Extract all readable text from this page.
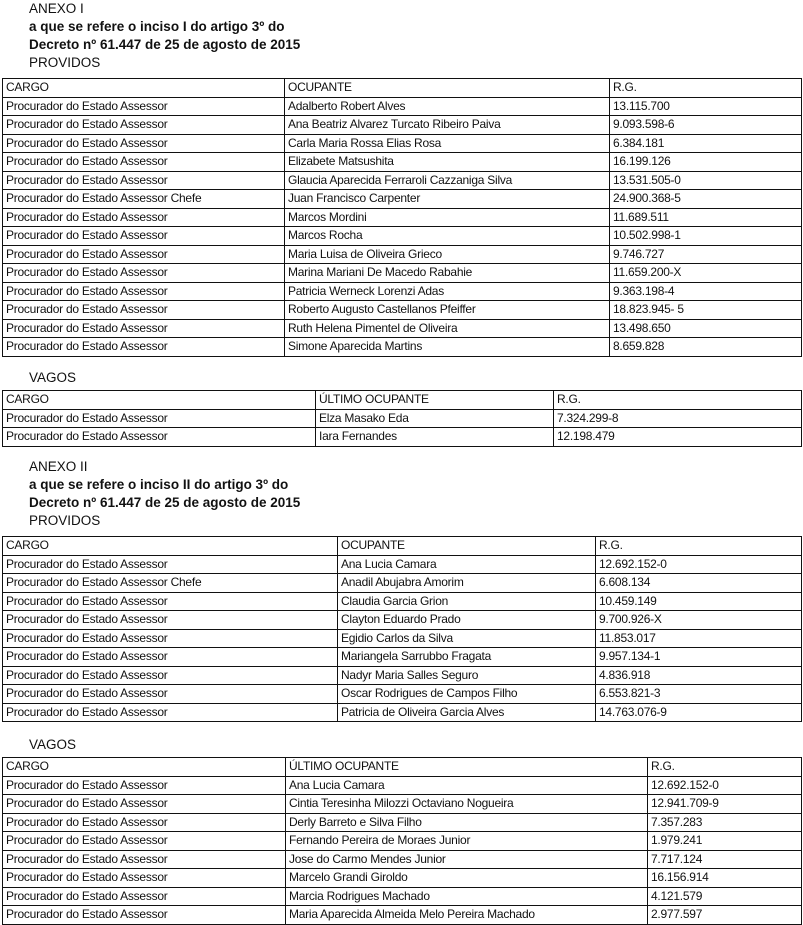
ANEXO I
a que se refere o inciso I do artigo 3º do
Decreto nº 61.447 de 25 de agosto de 2015
PROVIDOS
CARGO	OCUPANTE	R.G.
Procurador do Estado Assessor	Adalberto Robert Alves	13.115.700
Procurador do Estado Assessor	Ana Beatriz Alvarez Turcato Ribeiro Paiva	9.093.598-6
Procurador do Estado Assessor	Carla Maria Rossa Elias Rosa	6.384.181
Procurador do Estado Assessor	Elizabete Matsushita	16.199.126
Procurador do Estado Assessor	Glaucia Aparecida Ferraroli Cazzaniga Silva	13.531.505-0
Procurador do Estado Assessor Chefe	Juan Francisco Carpenter	24.900.368-5
Procurador do Estado Assessor	Marcos Mordini	11.689.511
Procurador do Estado Assessor	Marcos Rocha	10.502.998-1
Procurador do Estado Assessor	Maria Luisa de Oliveira Grieco	9.746.727
Procurador do Estado Assessor	Marina Mariani De Macedo Rabahie	11.659.200-X
Procurador do Estado Assessor	Patricia Werneck Lorenzi Adas	9.363.198-4
Procurador do Estado Assessor	Roberto Augusto Castellanos Pfeiffer	18.823.945- 5
Procurador do Estado Assessor	Ruth Helena Pimentel de Oliveira	13.498.650
Procurador do Estado Assessor	Simone Aparecida Martins	8.659.828
VAGOS
CARGO	ÚLTIMO OCUPANTE	R.G.
Procurador do Estado Assessor	Elza Masako Eda	7.324.299-8
Procurador do Estado Assessor	Iara Fernandes	12.198.479
ANEXO II
a que se refere o inciso II do artigo 3º do
Decreto nº 61.447 de 25 de agosto de 2015
PROVIDOS
CARGO	OCUPANTE	R.G.
Procurador do Estado Assessor	Ana Lucia Camara	12.692.152-0
Procurador do Estado Assessor Chefe	Anadil Abujabra Amorim	6.608.134
Procurador do Estado Assessor	Claudia Garcia Grion	10.459.149
Procurador do Estado Assessor	Clayton Eduardo Prado	9.700.926-X
Procurador do Estado Assessor	Egidio Carlos da Silva	11.853.017
Procurador do Estado Assessor	Mariangela Sarrubbo Fragata	9.957.134-1
Procurador do Estado Assessor	Nadyr Maria Salles Seguro	4.836.918
Procurador do Estado Assessor	Oscar Rodrigues de Campos Filho	6.553.821-3
Procurador do Estado Assessor	Patricia de Oliveira Garcia Alves	14.763.076-9
VAGOS
CARGO	ÚLTIMO OCUPANTE	R.G.
Procurador do Estado Assessor	Ana Lucia Camara	12.692.152-0
Procurador do Estado Assessor	Cintia Teresinha Milozzi Octaviano Nogueira	12.941.709-9
Procurador do Estado Assessor	Derly Barreto e Silva Filho	7.357.283
Procurador do Estado Assessor	Fernando Pereira de Moraes Junior	1.979.241
Procurador do Estado Assessor	Jose do Carmo Mendes Junior	7.717.124
Procurador do Estado Assessor	Marcelo Grandi Giroldo	16.156.914
Procurador do Estado Assessor	Marcia Rodrigues Machado	4.121.579
Procurador do Estado Assessor	Maria Aparecida Almeida Melo Pereira Machado	2.977.597
